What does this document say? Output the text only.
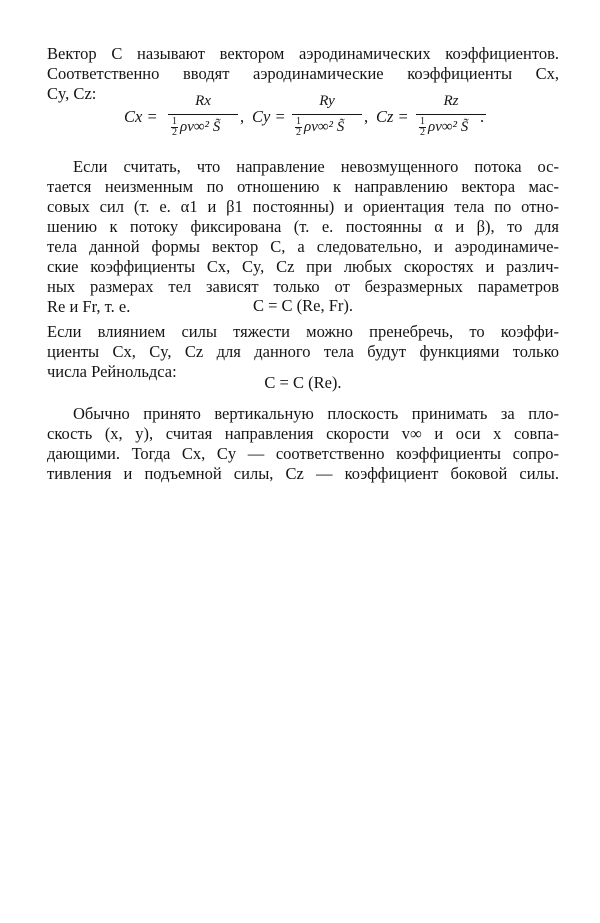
Вектор C называют вектором аэродинамических коэффициентов.
Соответственно вводят аэродинамические коэффициенты Cx,
Cy, Cz:
Cx =
Rx
$\frac{1}{2} \rho v\infty^2$ S̃
, Cy =
Ry
$\frac{1}{2} \rho v\infty^2$ S̃
, Cz =
Rz
$\frac{1}{2} \rho v\infty^2$ S̃
.
Если считать, что направление невозмущенного потока ос-
тается неизменным по отношению к направлению вектора мас-
совых сил (т. е. α1 и β1 постоянны) и ориентация тела по отно-
шению к потоку фиксирована (т. е. постоянны α и β), то для
тела данной формы вектор C, а следовательно, и аэродинамиче-
ские коэффициенты Cx, Cy, Cz при любых скоростях и различ-
ных размерах тел зависят только от безразмерных параметров
Re и Fr, т. е.	C = C (Re, Fr).
Если влиянием силы тяжести можно пренебречь, то коэффи-
циенты Cx, Cy, Cz для данного тела будут функциями только
числа Рейнольдса:
C = C (Re).
Обычно принято вертикальную плоскость принимать за пло-
скость (x, y), считая направления скорости v∞ и оси x совпа-
дающими. Тогда Cx, Cy — соответственно коэффициенты сопро-
тивления и подъемной силы, Cz — коэффициент боковой силы.
